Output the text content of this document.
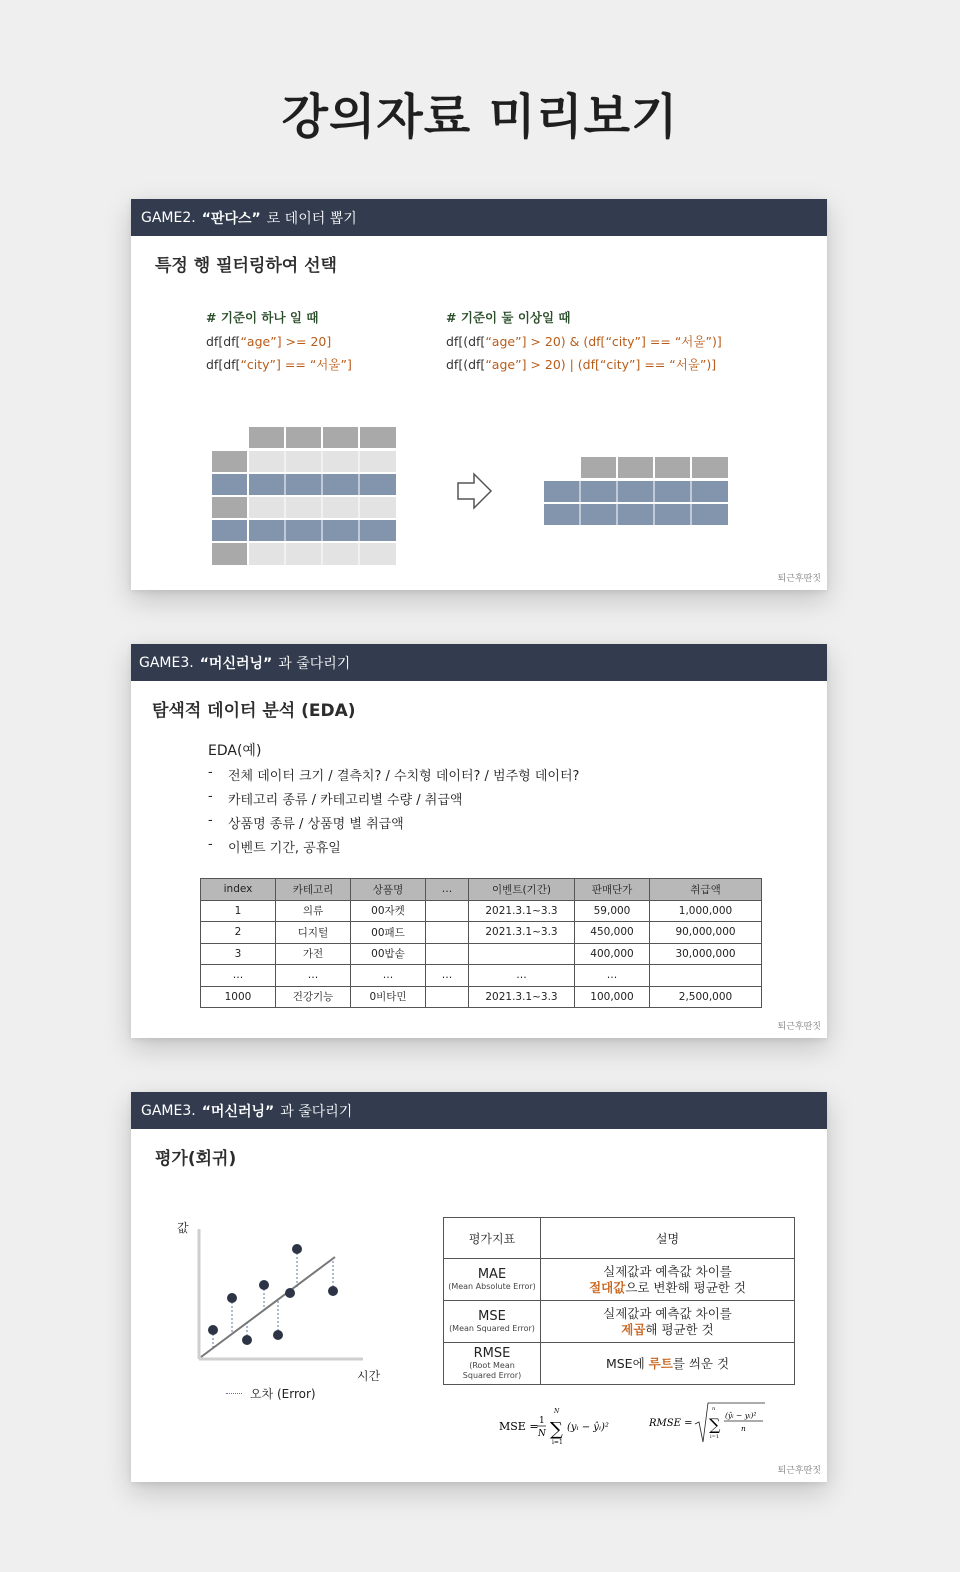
강의자료 미리보기
GAME2. “판다스” 로 데이터 뽑기
특정 행 필터링하여 선택
# 기준이 하나 일 때
df[df[“age”] >= 20]
df[df[“city”] == “서울”]
# 기준이 둘 이상일 때
df[(df[“age”] > 20) & (df[“city”] == “서울”)]
df[(df[“age”] > 20) | (df[“city”] == “서울”)]
퇴근후딴짓
GAME3. “머신러닝” 과 줄다리기
탐색적 데이터 분석 (EDA)
EDA(예)
-	전체 데이터 크기 / 결측치? / 수치형 데이터? / 범주형 데이터?
-	카테고리 종류 / 카테고리별 수량 / 취급액
-	상품명 종류 / 상품명 별 취급액
-	이벤트 기간, 공휴일
index	카테고리	상품명	…	이벤트(기간)	판매단가	취급액
1	의류	00자켓		2021.3.1~3.3	59,000	1,000,000
2	디지털	00패드		2021.3.1~3.3	450,000	90,000,000
3	가전	00밥솥			400,000	30,000,000
…	…	…	…	…	…	
1000	건강기능	0비타민		2021.3.1~3.3	100,000	2,500,000
퇴근후딴짓
GAME3. “머신러닝” 과 줄다리기
평가(회귀)
값
시간
오차 (Error)
평가지표	설명

MAE
(Mean Absolute Error)	실제값과 예측값 차이를
절대값으로 변환해 평균한 것

MSE
(Mean Squared Error)	실제값과 예측값 차이를
제곱해 평균한 것

RMSE
(Root Mean Squared Error)	MSE에 루트를 씌운 것
MSE = 1
N ∑
N
i=1
(yᵢ − ŷᵢ)²	RMSE = ∑
n
i=1
(ŷᵢ − yᵢ)²
n
퇴근후딴짓
